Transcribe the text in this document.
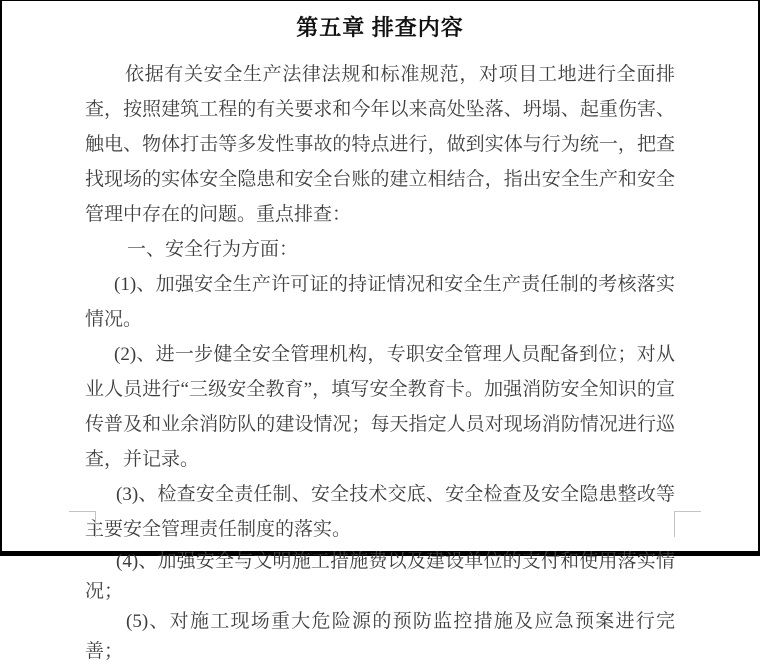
第五章 排查内容

依据有关安全生产法律法规和标准规范，对项目工地进行全面排查，按照建筑工程的有关要求和今年以来高处坠落、坍塌、起重伤害、触电、物体打击等多发性事故的特点进行，做到实体与行为统一，把查找现场的实体安全隐患和安全台账的建立相结合，指出安全生产和安全管理中存在的问题。重点排查：

一、安全行为方面：

(1)、加强安全生产许可证的持证情况和安全生产责任制的考核落实情况。

(2)、进一步健全安全管理机构，专职安全管理人员配备到位；对从业人员进行“三级安全教育”，填写安全教育卡。加强消防安全知识的宣传普及和业余消防队的建设情况；每天指定人员对现场消防情况进行巡查，并记录。

(3)、检查安全责任制、安全技术交底、安全检查及安全隐患整改等主要安全管理责任制度的落实。

(4)、加强安全与文明施工措施费以及建设单位的支付和使用落实情况；

(5)、对施工现场重大危险源的预防监控措施及应急预案进行完善；
